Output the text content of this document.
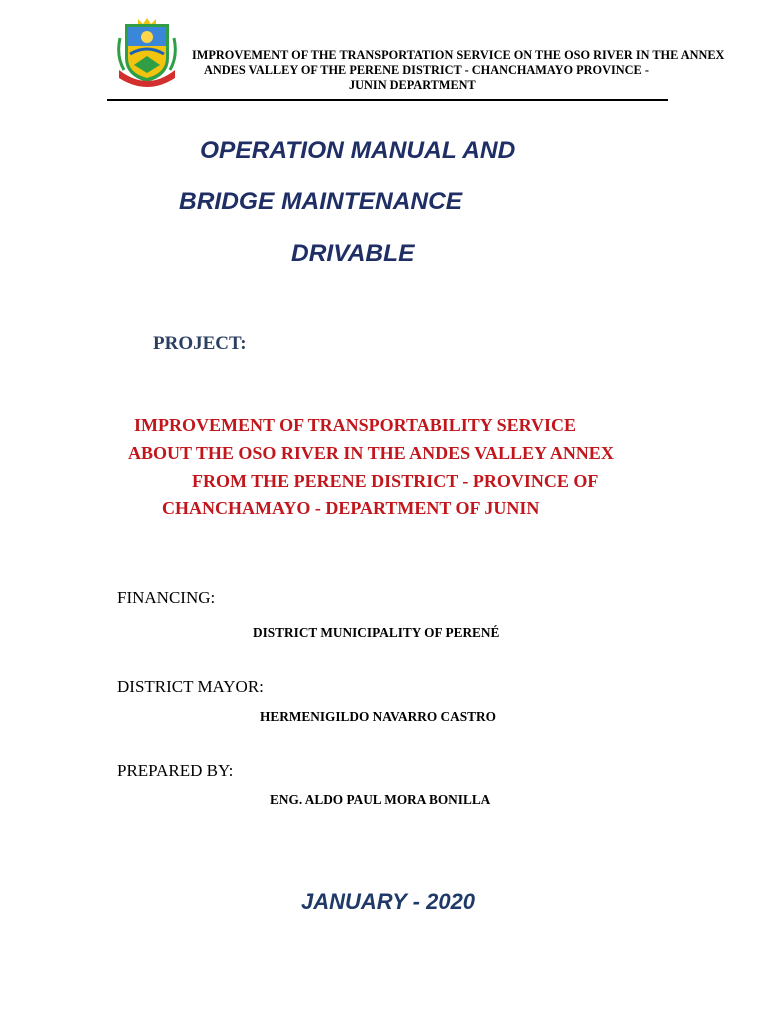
IMPROVEMENT OF THE TRANSPORTATION SERVICE ON THE OSO RIVER IN THE ANNEX
ANDES VALLEY OF THE PERENE DISTRICT - CHANCHAMAYO PROVINCE -
JUNIN DEPARTMENT
OPERATION MANUAL AND
BRIDGE MAINTENANCE
DRIVABLE
PROJECT:
IMPROVEMENT OF TRANSPORTABILITY SERVICE
ABOUT THE OSO RIVER IN THE ANDES VALLEY ANNEX
FROM THE PERENE DISTRICT - PROVINCE OF
CHANCHAMAYO - DEPARTMENT OF JUNIN
FINANCING:
DISTRICT MUNICIPALITY OF PERENÉ
DISTRICT MAYOR:
HERMENIGILDO NAVARRO CASTRO
PREPARED BY:
ENG. ALDO PAUL MORA BONILLA
JANUARY - 2020
